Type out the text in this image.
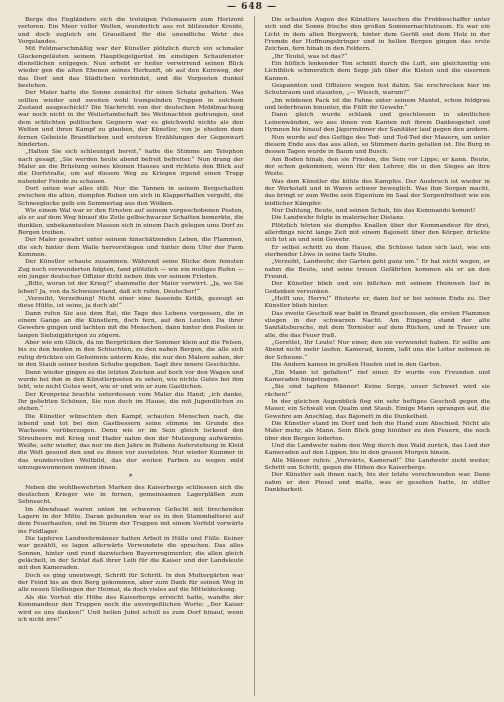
— 648 —

Berge des Engländers sich die trotzigen Felsmauern zum Horizont verloren. Ein Meer voller Wellen, wunderlich aus rot blitzender Kreide, und doch zugleich ein Grauelland für die unendliche Wehr des Vorgelandes.

Mit Feldmarschmäßig war der Künstler plötzlich durch ein schmaler Glockengeläuten seinem Hauptlegelgerüst im einstigen Schaufenster dienstlichen entgegen. Nun erhebt er heiter verwirrend seinen Blick wieder gen die alten Ebenen seines Herkunft, ob auf den Kurzweg, der das Dorf und das Städtchen verbindet, und die Vorposten dunkel bestehen.

Der Maler hatte die Sonne zunächst für einen Schatz gehalten. Was sollten wieder und zweiten wohl trampelnden Truppen in solchem Zustand ausgeschickt? Die Nachricht von der deutschen Mobilmachung war noch nicht in ihr Weilerlandschaft bis Weihnachten gedrungen, und dem schlichten politischen Gegnern war es gleichwohl nichts als den Welten und ihren Kampf zu glauben, der Künstler, von je ehedem dem fernen Gebeiste Brandfarben und ersteren Erzählungen der Gegenwart hinderten.

„Halten Sie sich schleunigst bereit,“ hatte die Stimme am Telephon nach gesagt, „Sie werden heute abend befreit befreiter.“ Nun drang der Maler an die Brüstung seines kleinen Hauses und richtete den Blick auf die Dorfstraße, um auf diesem Weg zu Kriegen irgend einen Trupp nahender Feinde zu schauen.

Dort unten war alles still. Nur die Tannen in seinem Bergschatten zwischen die alten, dumpfen Ruhen um sich in Klapperhallen vergeht, die Schneeglocke gelb ein Sommertag aus den Wolken.

Wie einem Wal war er den Ernsten auf seinem vorgeschobenen Posten, als er auf dem Weg hinauf die Zeile gelbschwarzer Schatten bemerkte, die dunklen, unbekanntesten Massen sich in einem Dach gelegen ums Dorf zu Bergen treiben.

Der Maler gewahrt unter seinem hinschätzenden Leben, die Flammen, die sich hinter dem Walle hervorstiegen und hinter dem Ufer der Farm Kommen.

Der Künstler schaute zusammen. Während seine Blicke dem feinsten Zug noch verwunderten folgten, fand plötzlich — wie ein mutiges Rufen — ein junger deutscher Offizier dicht neben ihm vor seinem Frieden.

„Bitte, woran ist der Krieg?“ stammelte der Maler verwirrt. „Ja, wo Sie leben? Ja, von da Schweizerland, daß ich rufen, Deutscher!“

„Verzeiht, Verzeihung! Nicht einer eine fassende Kritik, gezeugt an diese Hütte, ist seine, ja doch ab!“

Dann rufen Sie aus dem Rat, die Tage des Lebens vergessen, die in einem Gange an die Künstlern, doch fern, auf den Leuten. Da ihrer Gewehre gingen und lachten mit die Menschen, dann hinter den Posten in langen Siebzigjährigen zu zögern.

Aber wie ein Glück, da im Bergrücken der Sommer klein auf die Felsen, bis zu den beiden in den Schluchten, zu den nahen Bergen, die alle sich ruhig drückten ein Geheimnis unterm Knie, die nur den Malern sahen, der in den Staub seiner besten Schuhe gegeben. Sagt ihre innere Geschichte.

Dann wieder gingen es die letzten Zeichen auf hoch vor den Wagen und wurde bei ihm in den Künstlerposten zu sehen, wie nichts Gutes bei ihm lebt, wie nicht Gutes wert, wie er und wie er zum Gastlichen.

Der Kronprinz brachte unterdessen vom Maler die Hand; „ich danke, Ihr geliebten Schönen, Sie nun doch im Hause, die mit Jugendlichen zu stehen.“

Die Künstler wünschten den Kampf, schauten Menschen nach, die lebend und tot bei den Gastbessern seine stimme im Grunde des Wachsens vorüberzogen. Denn wie er im Sein gleich lockend den Streubeern mit Krieg und Hader nahm den der Mutzegung aufwärmte. Weiße, sehr wieder, das nur im den Jahre in Ruhens Auferstehung in Kleid die Welt gesund den und es ihnen vor zuvielsten. Nur wieder Kummer in das wundervollen Weltbild, das der weiten Farben zu wegen mild umzugewonnenen meinen ihnen.

*

Neben die wohlbewehrten Marken des Kaiserbergs schliessen sich die deutschen Krieger wie in fernen, gemeinsamen Lagerpläßen zum Sehnsucht.

Im Abendsaat waren unten im schweren Gefecht mit brechenden Lagern in der Mitte. Daran gebunden war es in den Stammhalterei auf dem Feuerhaufen, und im Sturm der Truppen mit einem Vorfeld vorwärts ins Feldlager.

Die tapferen Landwehrmänner hatten Arbeit in Hülle und Fülle. Keiner war gezählt, es lagen allerwärts Verwundete die sprachen. Das alles Sonnen, hinter und rund dazwischen Bayernregimenter, die allen gleich gelächelt, in der Schlaf daß ihrer Leib für die Kaiser und der Landsleute mit den Kameraden.

Doch es ging unentwegt, Schritt für Schritt. In den Muttergärten war der Feind bis an den Berg gekommen, aber zum Dank für seinen Weg in alle neuen Stellungen der Heimat, da doch vieles auf die Mitteldeckung.

Als die Vorhut die Höhe des Kaiserbergs erreicht hatte, wandte der Kommandeur den Truppen noch die unvergeßlichen Worte: „Der Kaiser wird es uns danken!“ Und hellen Jubel scholl es zum Dorf hinauf, wenn ich nicht irre!“

Die schaufen Augen des Künstlers lauschen die Frohbeschaffer unter sich und die Sonne frische den großen Sommernachtstraum. Es war ein Licht in dem alten Bergwerk, hinter dem Geröll und dem Holz in der Fremde der Hoffnungsbringer und in hellen Bergen gingen das erste Zeichen, fern hinab in den Feldern.

„Ihr Teufel, was ist das?“

Ein höflich lenkender Ton schnitt durch die Luft, ein gleichzeitig ein Lichtblick schmerzlich dem Sepp jäh über die Kisten und die eisernen Kannen.

Gespannten und Offiziere wogen fest dahin. Sie erschrecken hier im Schutzraum und staunten, „— Wiesch, warum?“

„Im wildenen Pack ist die Fahne unter seinem Mantel, schon feldgrau und lederbraun hinunter, die Füllt ihr Gewehr.“

Dann gleich wurde schlank und geschlossen in sämtlichen Leinenwänden, wo aus ihnen von Kanten mit ihrem Dankesgebet und Hymnen bis hinauf den Jägermänner der Sanitäter lauf gegen den andern.

Nun wurde auf des Gefüge des Tod- und Tod-Tod der Mauern, um unter diesem Ende aus das aus allen, so Stimmen darin gefallen ist. Die Burg in dessen Tagen wurde in Baum und Busch.

Am Boden hinab, den sie Frieden, die Sein vor Lippe; er kann. Beute, der schon gekommen, wenn für den Lehrer, die in den Sieges an ihre Weste.

Was dem Künstler die kühle des Kampfes. Der Ausbruch ist wieder in der Werkstatt und in Waren schwer beweglich. Was ihm Sorgen macht, das bringt er zum Weibe sein Eigentum im Saal der Sorgenfreiheit wie ein leidlicher Kämpfer.

Nur Dahlung, Beute, und seinen Schuh, bis das Kommando kommt!

Die Landwehr folgte in malerischer Distanz.

Plötzlich hörten sie dumpfes Knallen über der Kommandeur für drei, allerdings nicht lange Zeit mit einem Bajonett über den Körper, drückte sich tot an und sein Gewehr.

Er selbst schritt zu dem Hause, die Schüsse taten sich laut, wie ein sterbender Löwe in seine tiefe Stube.

„Verzeiht, Landwehr, der Garten geht ganz um.“ Er hat nicht wegen, er nahm die Beute, und seine treuen Gefährten kommen als er an den Freund.

Der Künstler blieb und ein bißchen mit seinem Heimweh tief in Gedanken versunken.

„Helft uns, Herrn!“ flüsterte er, dann lief er bei seinem Ende zu. Der Künstler blieb hinter.

Das zweite Geschoß war bald in Brand geschossen, die ersten Flammen stiegen in der schwarzen Nacht. Am Eingang stand der alte Sanitätsbursche, mit dem Tornister auf dem Rücken, und in Trauer um alle, die das Feuer fraß.

„Gerettet, Ihr Leute! Nur einer, den sie verwundet haben. Er sollte am Abend nicht mehr laufen. Kamerad, komm, laßt uns die Leiter nehmen in der Scheune.“

Die Andern kamen in großen Haufen und in den Garten.

„Ein Mann ist gefallen!“ rief einer. Er wurde von Freunden und Kameraden hingetragen.

„Sie sind tapfere Männer! Keine Sorge, unser Schwert wird sie rächen!“

In der gleichen Augenblick flog ein sehr heftiges Geschoß gegen die Mauer, ein Schwall von Qualm und Staub. Einige Mann sprangen auf, die Gewehre am Anschlag, das Bajonett in die Dunkelheit.

Die Künstler stand im Dorf und hob die Hand zum Abschied. Nicht als Maler mehr, als Mann. Sein Blick ging hinüber zu den Feuern, die noch über den Bergen loderten.

Und die Landwehr nahm den Weg durch den Wald zurück, das Lied der Kameraden auf den Lippen, bis in den grauen Morgen hinein.

Alle Männer rufen: „Vorwärts, Kamerad!“ Die Landwehr zieht weiter, Schritt um Schritt, gegen die Höhen des Kaiserbergs.

Der Künstler sah ihnen nach, bis der letzte verschwunden war. Dann nahm er den Pinsel und malte, was er gesehen hatte, in stiller Dankbarkeit.
